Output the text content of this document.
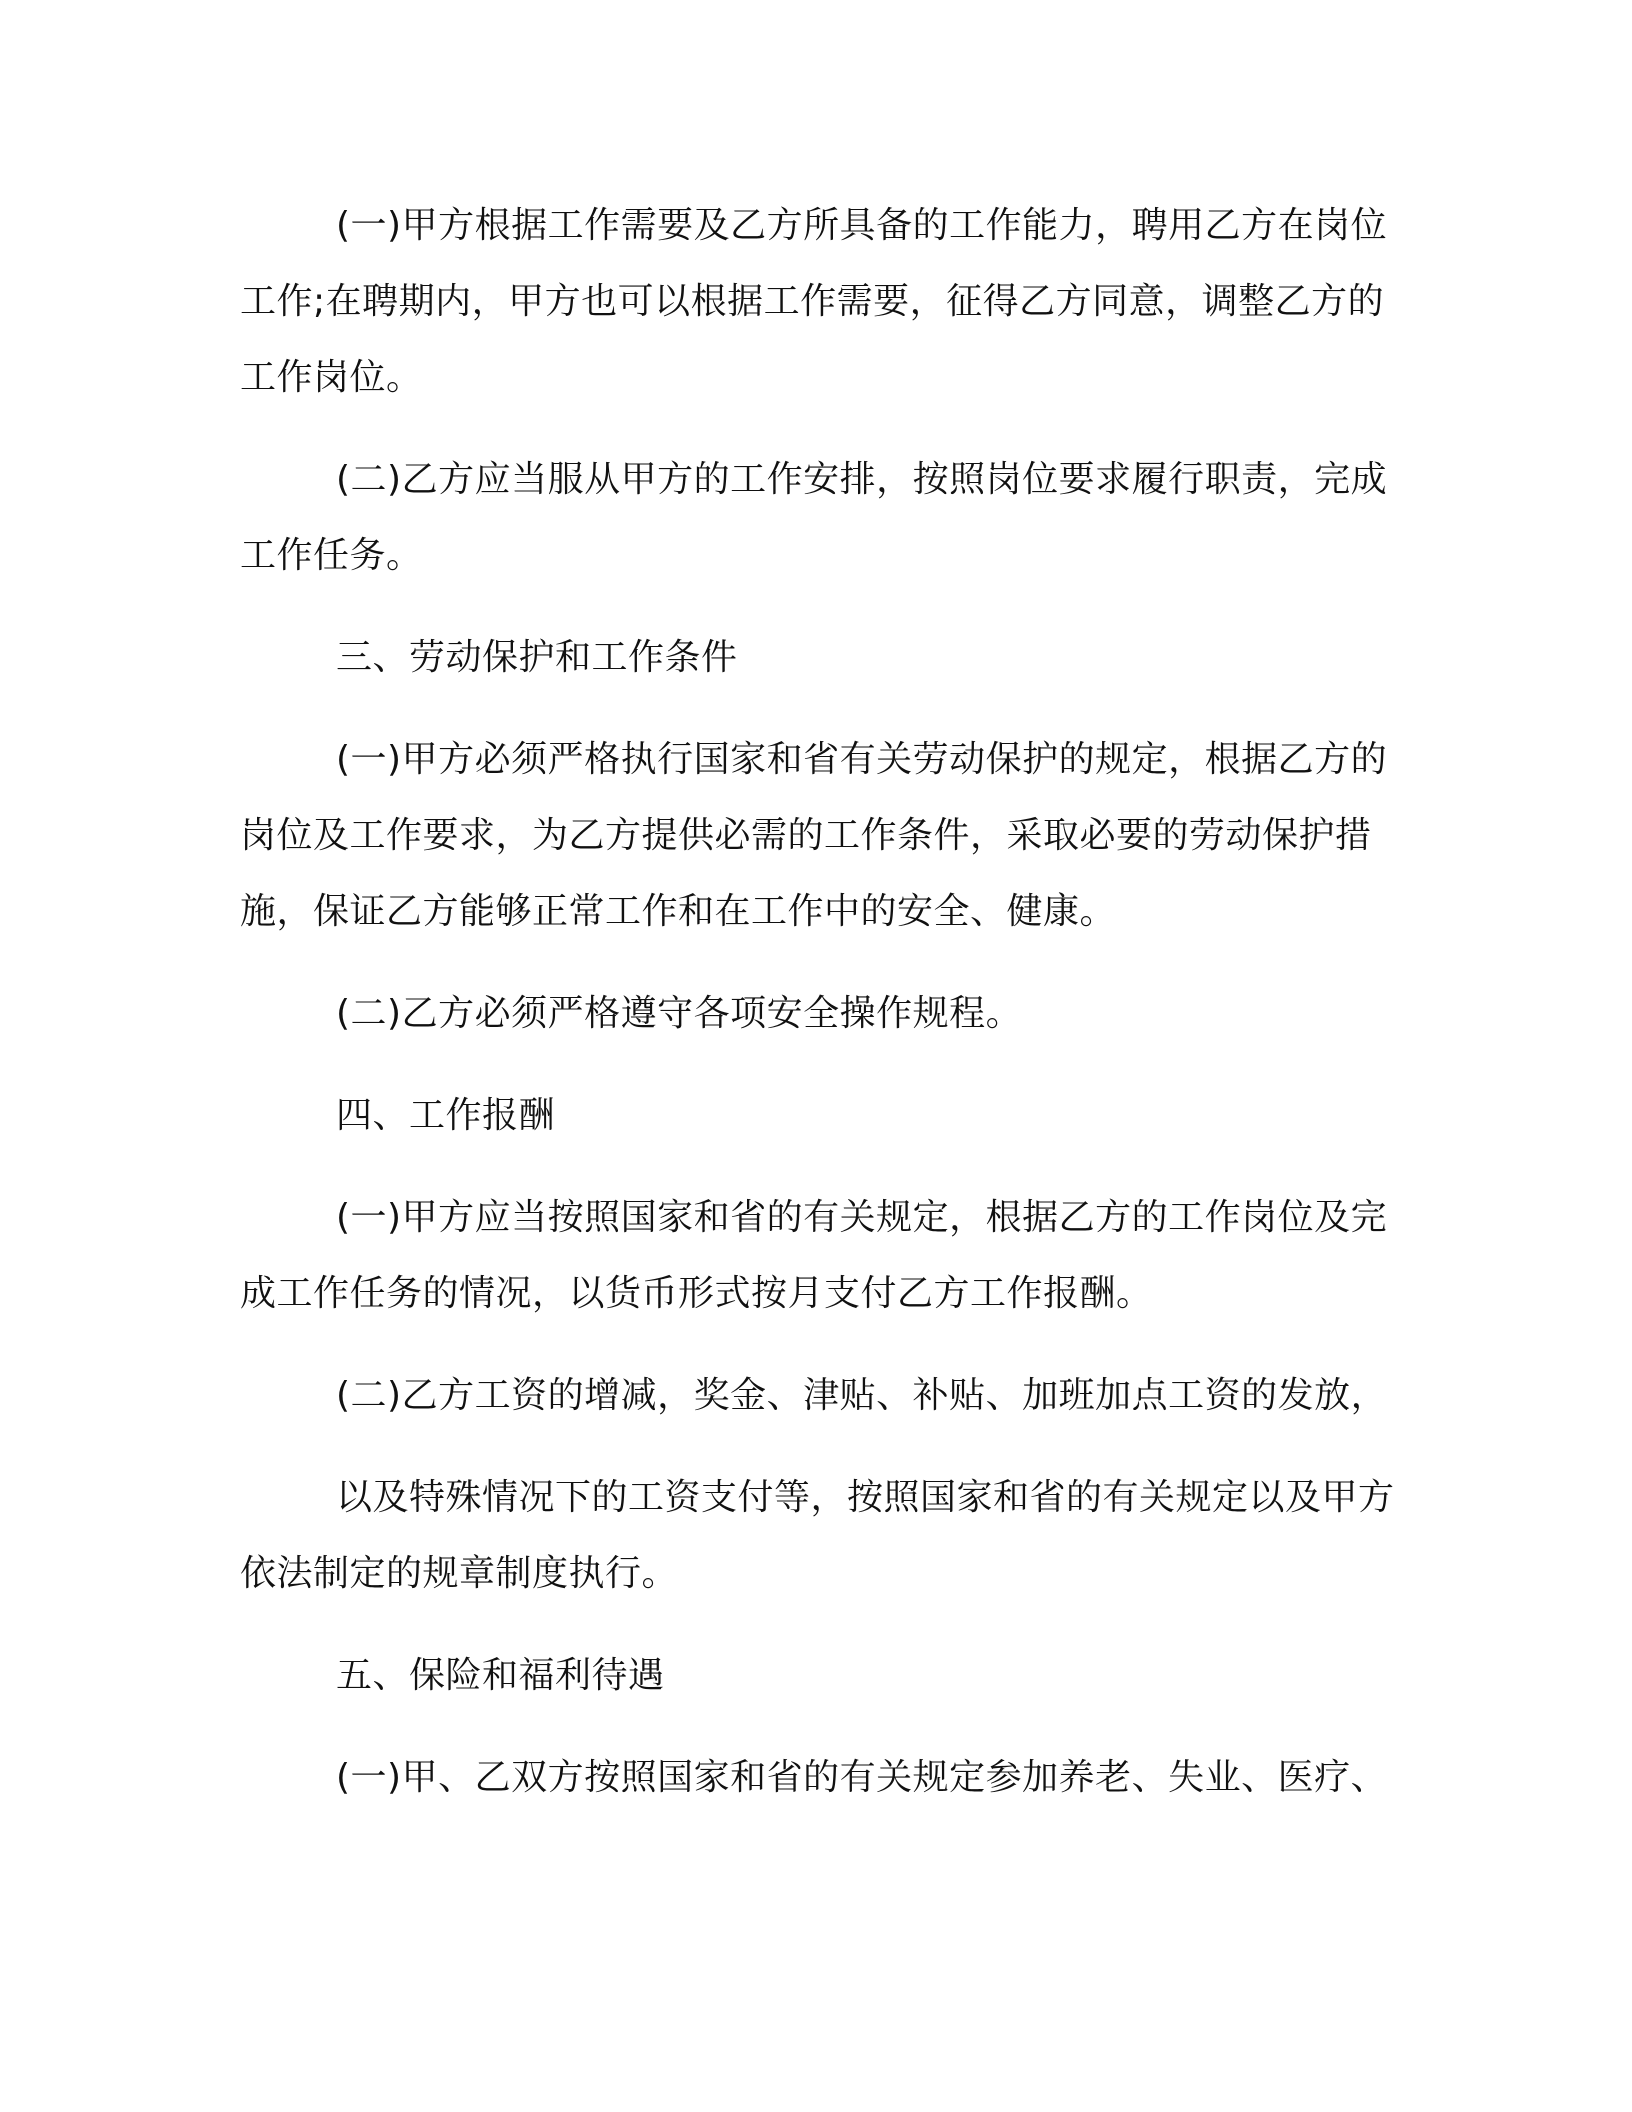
(一)甲方根据工作需要及乙方所具备的工作能力，聘用乙方在岗位工作;在聘期内，甲方也可以根据工作需要，征得乙方同意，调整乙方的工作岗位。

(二)乙方应当服从甲方的工作安排，按照岗位要求履行职责，完成工作任务。

三、劳动保护和工作条件

(一)甲方必须严格执行国家和省有关劳动保护的规定，根据乙方的岗位及工作要求，为乙方提供必需的工作条件，采取必要的劳动保护措施，保证乙方能够正常工作和在工作中的安全、健康。

(二)乙方必须严格遵守各项安全操作规程。

四、工作报酬

(一)甲方应当按照国家和省的有关规定，根据乙方的工作岗位及完成工作任务的情况，以货币形式按月支付乙方工作报酬。

(二)乙方工资的增减，奖金、津贴、补贴、加班加点工资的发放，

以及特殊情况下的工资支付等，按照国家和省的有关规定以及甲方依法制定的规章制度执行。

五、保险和福利待遇

(一)甲、乙双方按照国家和省的有关规定参加养老、失业、医疗、
